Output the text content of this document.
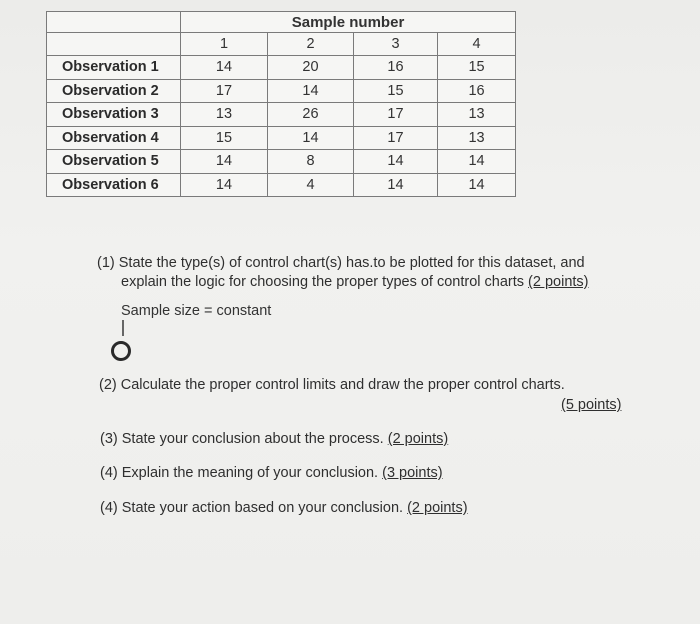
	Sample number			
	1	2	3	4
Observation 1	14	20	16	15
Observation 2	17	14	15	16
Observation 3	13	26	17	13
Observation 4	15	14	17	13
Observation 5	14	8	14	14
Observation 6	14	4	14	14
(1) State the type(s) of control chart(s) has.to be plotted for this dataset, and
explain the logic for choosing the proper types of control charts (2 points)
Sample size = constant
(2) Calculate the proper control limits and draw the proper control charts.
(5 points)
(3) State your conclusion about the process. (2 points)
(4) Explain the meaning of your conclusion. (3 points)
(4) State your action based on your conclusion. (2 points)
